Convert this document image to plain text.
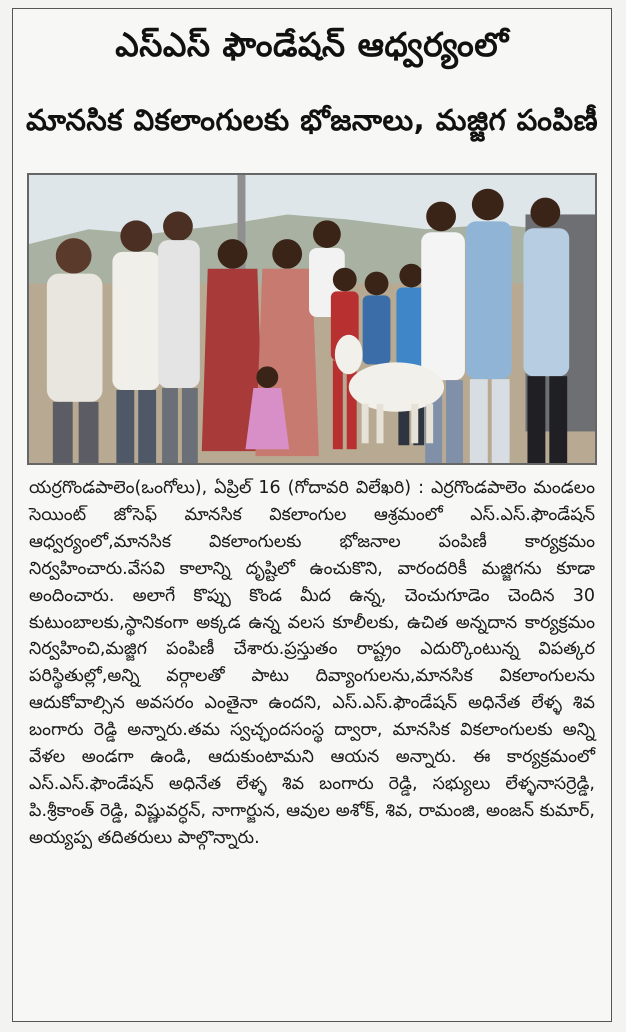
ఎస్ఎస్ ఫౌండేషన్ ఆధ్వర్యంలో
మానసిక వికలాంగులకు భోజనాలు, మజ్జిగ పంపిణీ

యర్రగొండపాలెం(ఒంగోలు), ఏప్రిల్ 16 (గోదావరి విలేఖరి) : ఎర్రగొండపాలెం మండలం సెయింట్ జోసెఫ్ మానసిక వికలాంగుల ఆశ్రమంలో ఎస్.ఎస్.ఫౌండేషన్ ఆధ్వర్యంలో,మానసిక వికలాంగులకు భోజనాల పంపిణీ కార్యక్రమం నిర్వహించారు.వేసవి కాలాన్ని దృష్టిలో ఉంచుకొని, వారందరికీ మజ్జిగను కూడా అందించారు. అలాగే కొప్పు కొండ మీద ఉన్న, చెంచుగూడెం చెందిన 30 కుటుంబాలకు,స్థానికంగా అక్కడ ఉన్న వలస కూలీలకు, ఉచిత అన్నదాన కార్యక్రమం నిర్వహించి,మజ్జిగ పంపిణీ చేశారు.ప్రస్తుతం రాష్ట్రం ఎదుర్కొంటున్న విపత్కర పరిస్థితుల్లో,అన్ని వర్గాలతో పాటు దివ్యాంగులను,మానసిక వికలాంగులను ఆదుకోవాల్సిన అవసరం ఎంతైనా ఉందని, ఎస్.ఎస్.ఫౌండేషన్ అధినేత లేళ్ళ శివ బంగారు రెడ్డి అన్నారు.తమ స్వచ్ఛందసంస్థ ద్వారా, మానసిక వికలాంగులకు అన్ని వేళల అండగా ఉండి, ఆదుకుంటామని ఆయన అన్నారు. ఈ కార్యక్రమంలో ఎస్.ఎస్.ఫౌండేషన్ అధినేత లేళ్ళ శివ బంగారు రెడ్డి, సభ్యులు లేళ్ళనాసర్రెడ్డి, పి.శ్రీకాంత్ రెడ్డి, విష్ణువర్ధన్, నాగార్జున, ఆవుల అశోక్, శివ, రామంజి, అంజన్ కుమార్, అయ్యప్ప తదితరులు పాల్గొన్నారు.
